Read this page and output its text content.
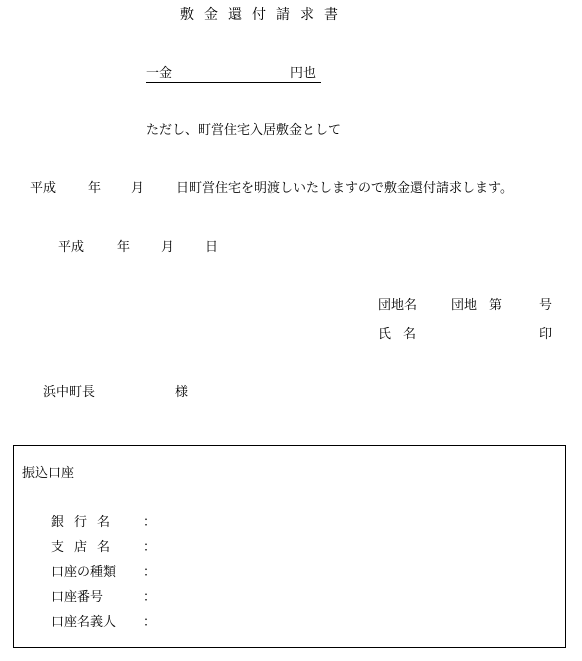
敷金還付請求書
一金	円也
ただし、町営住宅入居敷金として
平成 年 月 日町営住宅を明渡しいたしますので敷金還付請求します。
平成	年 月 日
団地名	団地 第	号
氏名	印
浜中町長	様
振込口座
銀行名 ：
支店名 ：
口座の種類 ：
口座番号	：
口座名義人 ：
